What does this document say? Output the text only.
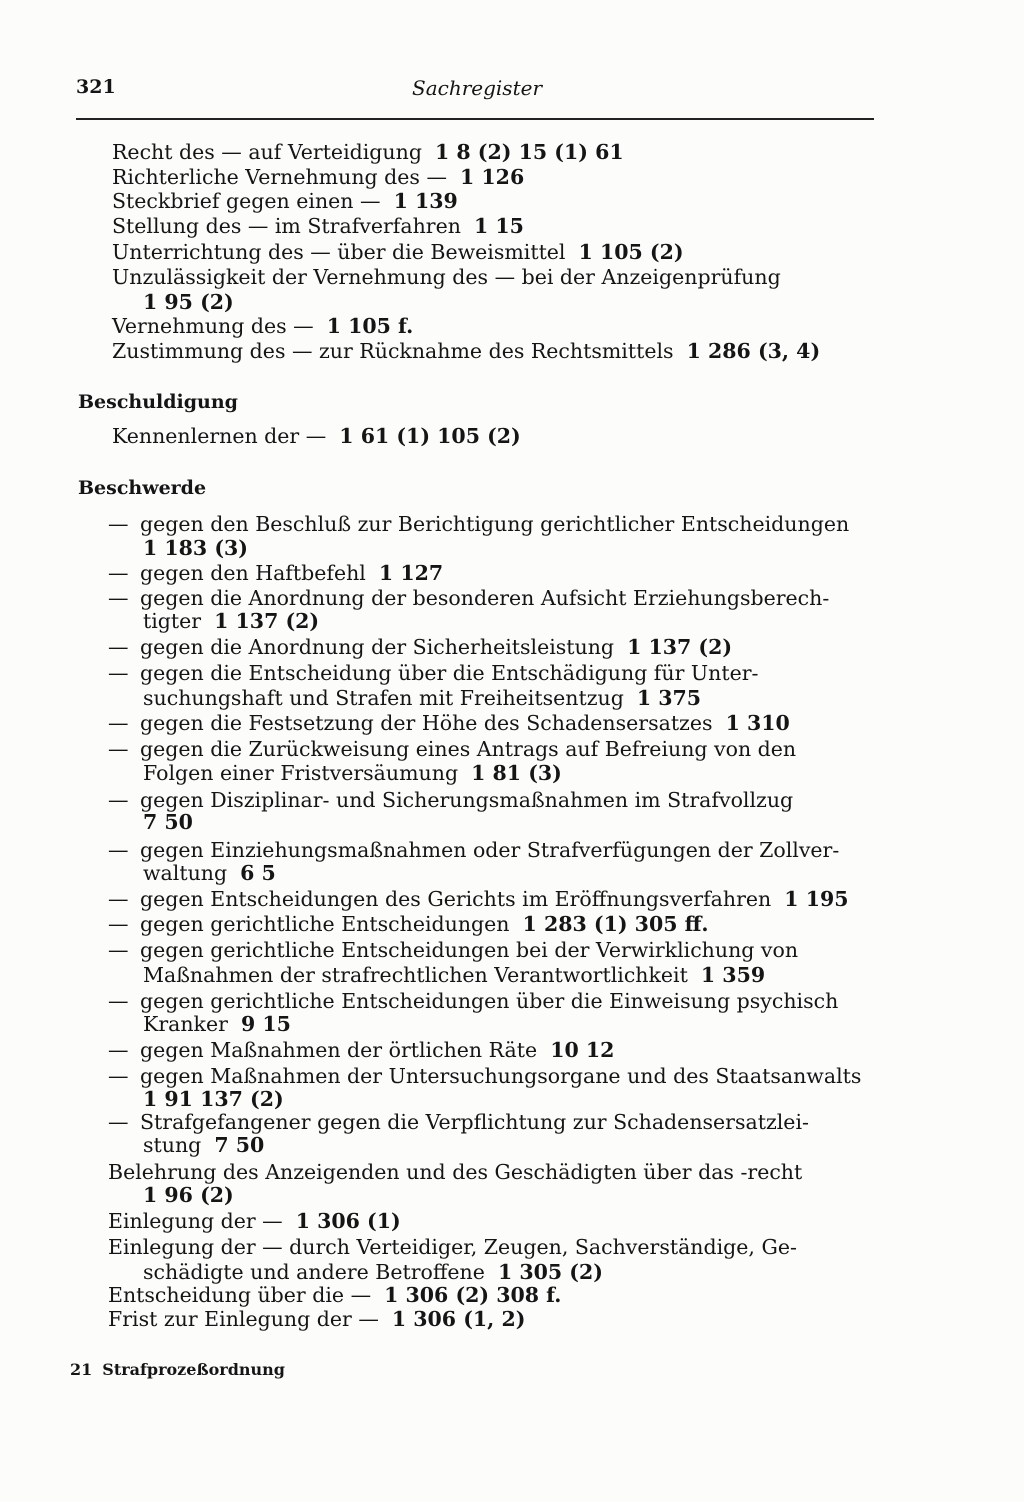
321	Sachregister
Recht des — auf Verteidigung 1 8 (2) 15 (1) 61
Richterliche Vernehmung des — 1 126
Steckbrief gegen einen — 1 139
Stellung des — im Strafverfahren 1 15
Unterrichtung des — über die Beweismittel 1 105 (2)
Unzulässigkeit der Vernehmung des — bei der Anzeigenprüfung
1 95 (2)
Vernehmung des — 1 105 f.
Zustimmung des — zur Rücknahme des Rechtsmittels 1 286 (3, 4)
Beschuldigung
Kennenlernen der — 1 61 (1) 105 (2)
Beschwerde
— gegen den Beschluß zur Berichtigung gerichtlicher Entscheidungen
1 183 (3)
— gegen den Haftbefehl 1 127
— gegen die Anordnung der besonderen Aufsicht Erziehungsberech-
tigter 1 137 (2)
— gegen die Anordnung der Sicherheitsleistung 1 137 (2)
— gegen die Entscheidung über die Entschädigung für Unter-
suchungshaft und Strafen mit Freiheitsentzug 1 375
— gegen die Festsetzung der Höhe des Schadensersatzes 1 310
— gegen die Zurückweisung eines Antrags auf Befreiung von den
Folgen einer Fristversäumung 1 81 (3)
— gegen Disziplinar- und Sicherungsmaßnahmen im Strafvollzug
7 50
— gegen Einziehungsmaßnahmen oder Strafverfügungen der Zollver-
waltung 6 5
— gegen Entscheidungen des Gerichts im Eröffnungsverfahren 1 195
— gegen gerichtliche Entscheidungen 1 283 (1) 305 ff.
— gegen gerichtliche Entscheidungen bei der Verwirklichung von
Maßnahmen der strafrechtlichen Verantwortlichkeit 1 359
— gegen gerichtliche Entscheidungen über die Einweisung psychisch
Kranker 9 15
— gegen Maßnahmen der örtlichen Räte 10 12
— gegen Maßnahmen der Untersuchungsorgane und des Staatsanwalts
1 91 137 (2)
— Strafgefangener gegen die Verpflichtung zur Schadensersatzlei-
stung 7 50
Belehrung des Anzeigenden und des Geschädigten über das -recht
1 96 (2)
Einlegung der — 1 306 (1)
Einlegung der — durch Verteidiger, Zeugen, Sachverständige, Ge-
schädigte und andere Betroffene 1 305 (2)
Entscheidung über die — 1 306 (2) 308 f.
Frist zur Einlegung der — 1 306 (1, 2)
21 Strafprozeßordnung
